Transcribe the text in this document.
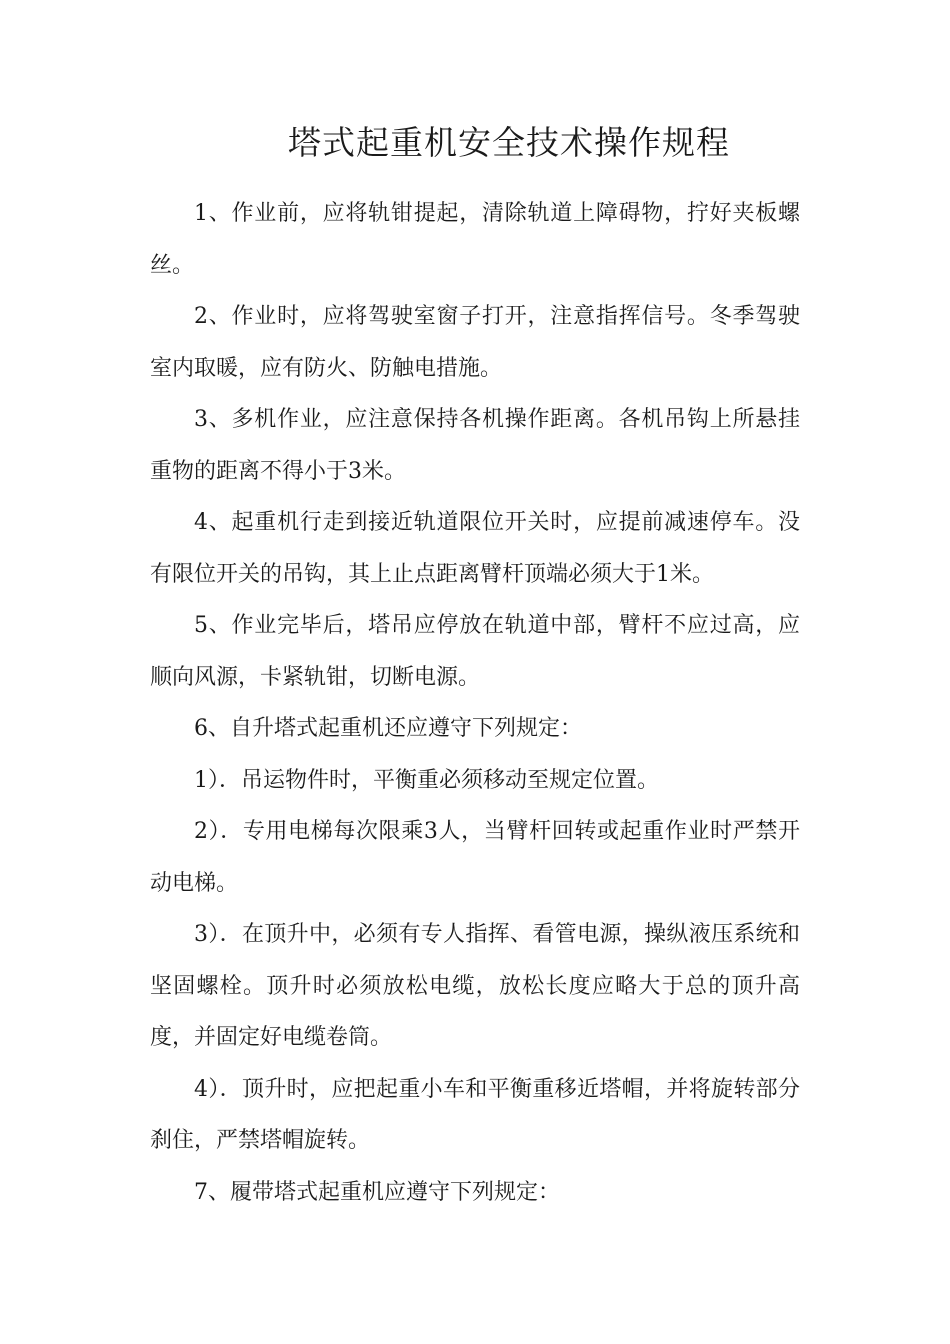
塔式起重机安全技术操作规程

1、作业前，应将轨钳提起，清除轨道上障碍物，拧好夹板螺丝。

2、作业时，应将驾驶室窗子打开，注意指挥信号。冬季驾驶室内取暖，应有防火、防触电措施。

3、多机作业，应注意保持各机操作距离。各机吊钩上所悬挂重物的距离不得小于3米。

4、起重机行走到接近轨道限位开关时，应提前减速停车。没有限位开关的吊钩，其上止点距离臂杆顶端必须大于1米。

5、作业完毕后，塔吊应停放在轨道中部，臂杆不应过高，应顺向风源，卡紧轨钳，切断电源。

6、自升塔式起重机还应遵守下列规定：

1）．吊运物件时，平衡重必须移动至规定位置。

2）．专用电梯每次限乘3人，当臂杆回转或起重作业时严禁开动电梯。

3）．在顶升中，必须有专人指挥、看管电源，操纵液压系统和坚固螺栓。顶升时必须放松电缆，放松长度应略大于总的顶升高度，并固定好电缆卷筒。

4）．顶升时，应把起重小车和平衡重移近塔帽，并将旋转部分刹住，严禁塔帽旋转。

7、履带塔式起重机应遵守下列规定：
